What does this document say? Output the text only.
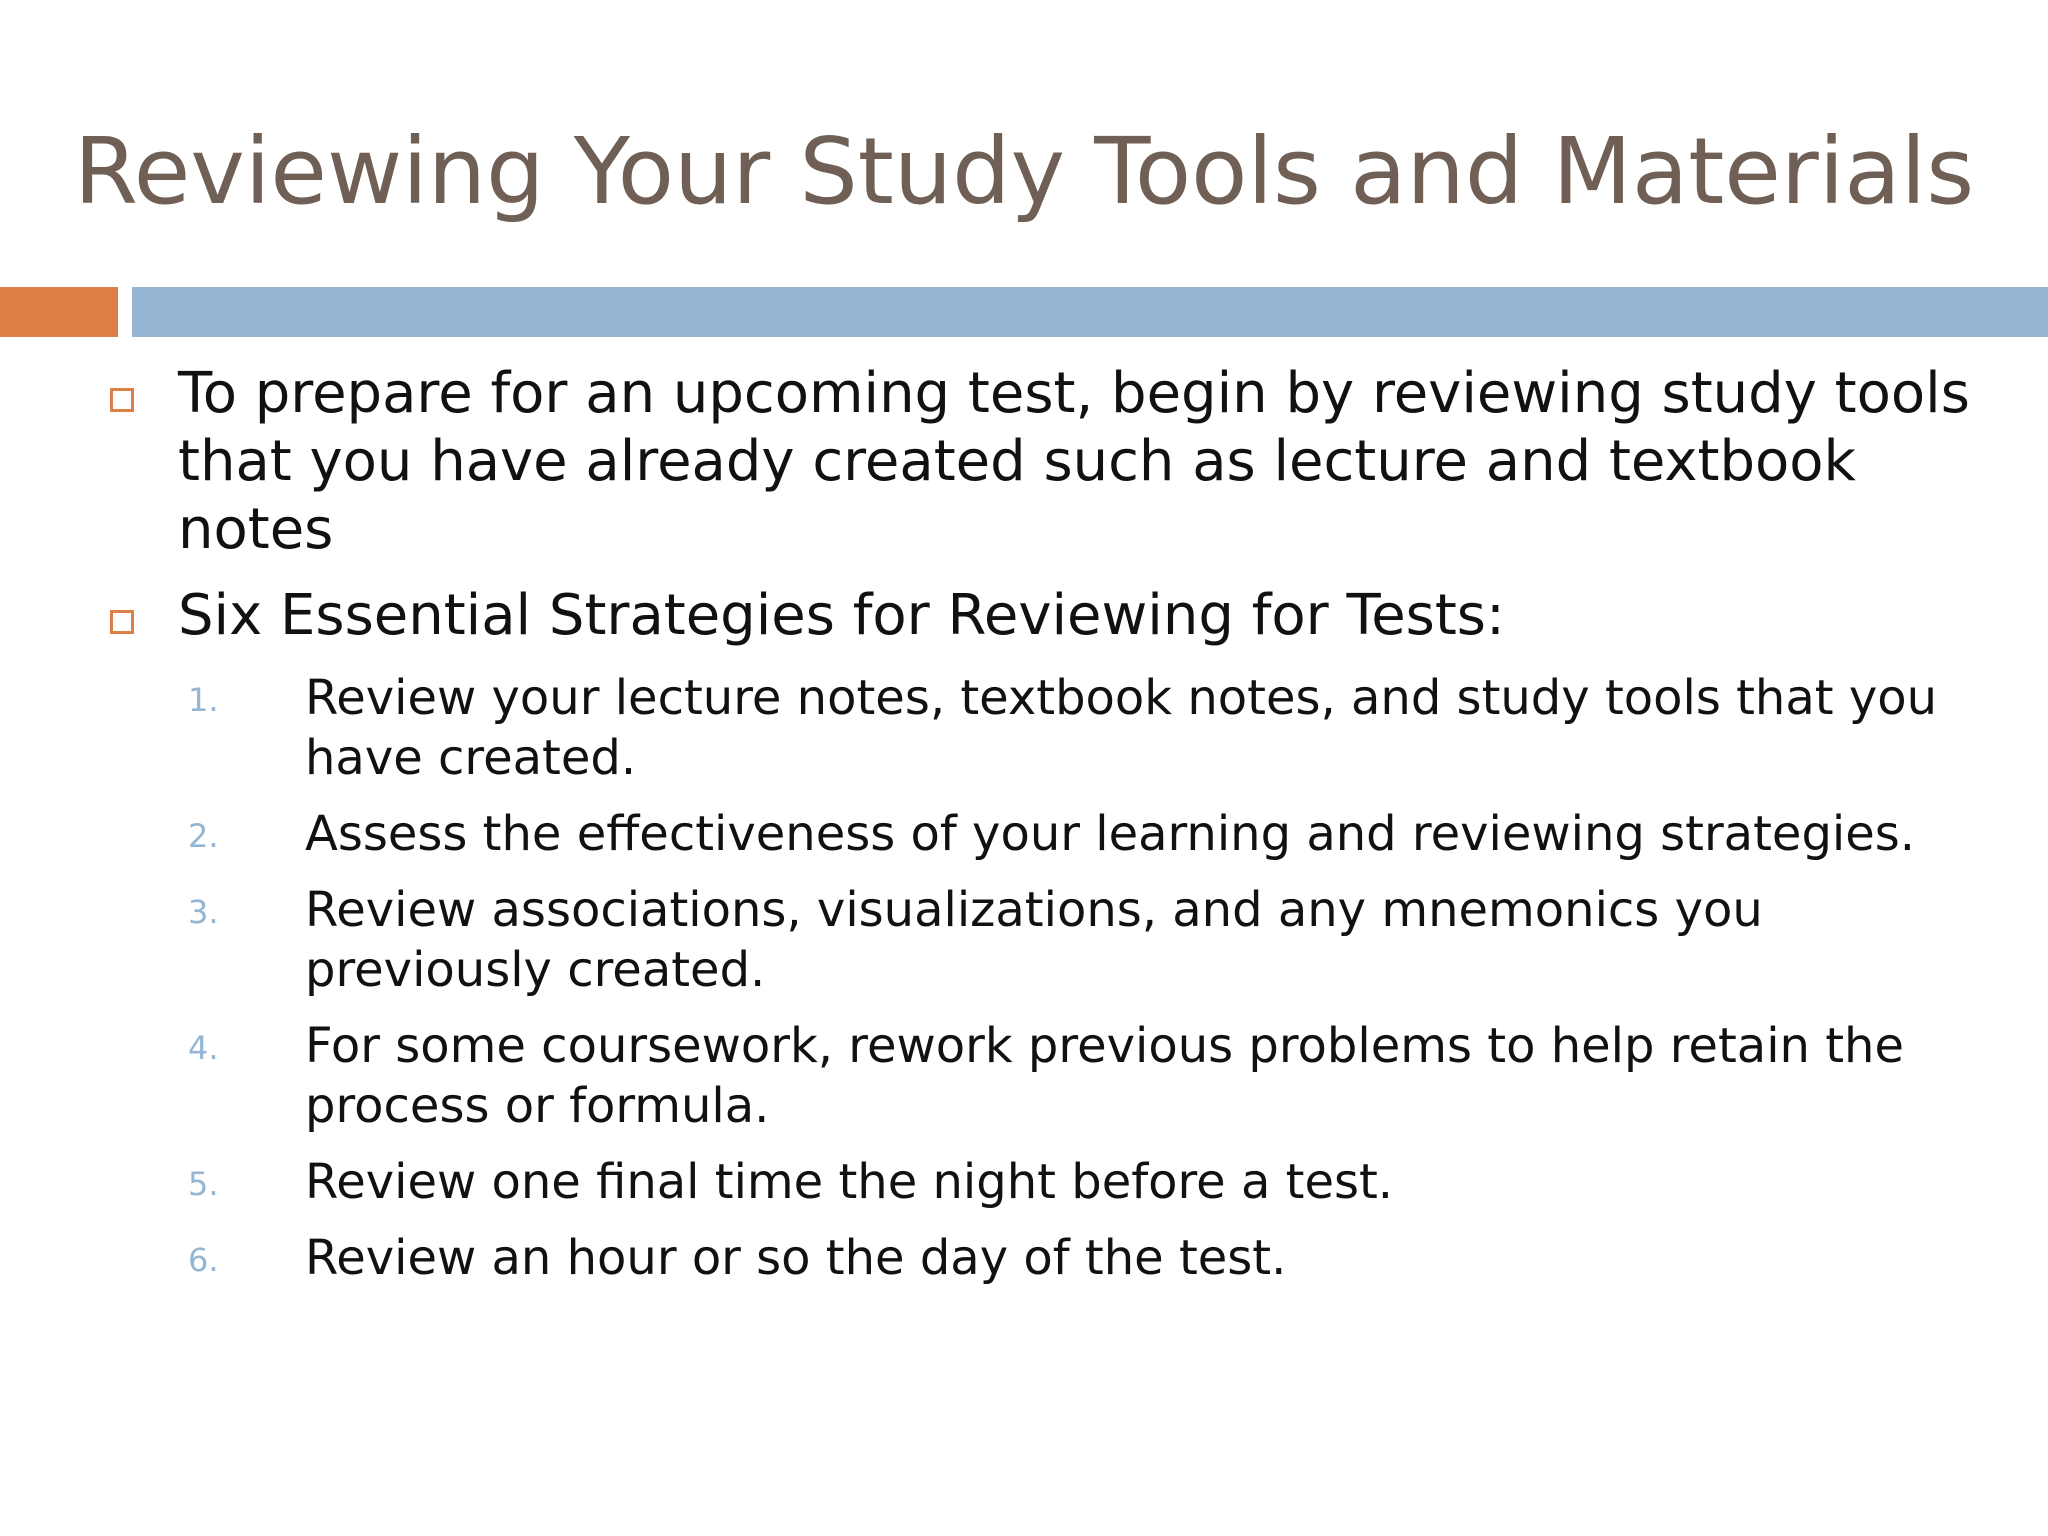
Reviewing Your Study Tools and Materials
To prepare for an upcoming test, begin by reviewing study tools that you have already created such as lecture and textbook notes
Six Essential Strategies for Reviewing for Tests:
1. Review your lecture notes, textbook notes, and study tools that you have created.
2. Assess the effectiveness of your learning and reviewing strategies.
3. Review associations, visualizations, and any mnemonics you previously created.
4. For some coursework, rework previous problems to help retain the process or formula.
5. Review one final time the night before a test.
6. Review an hour or so the day of the test.
